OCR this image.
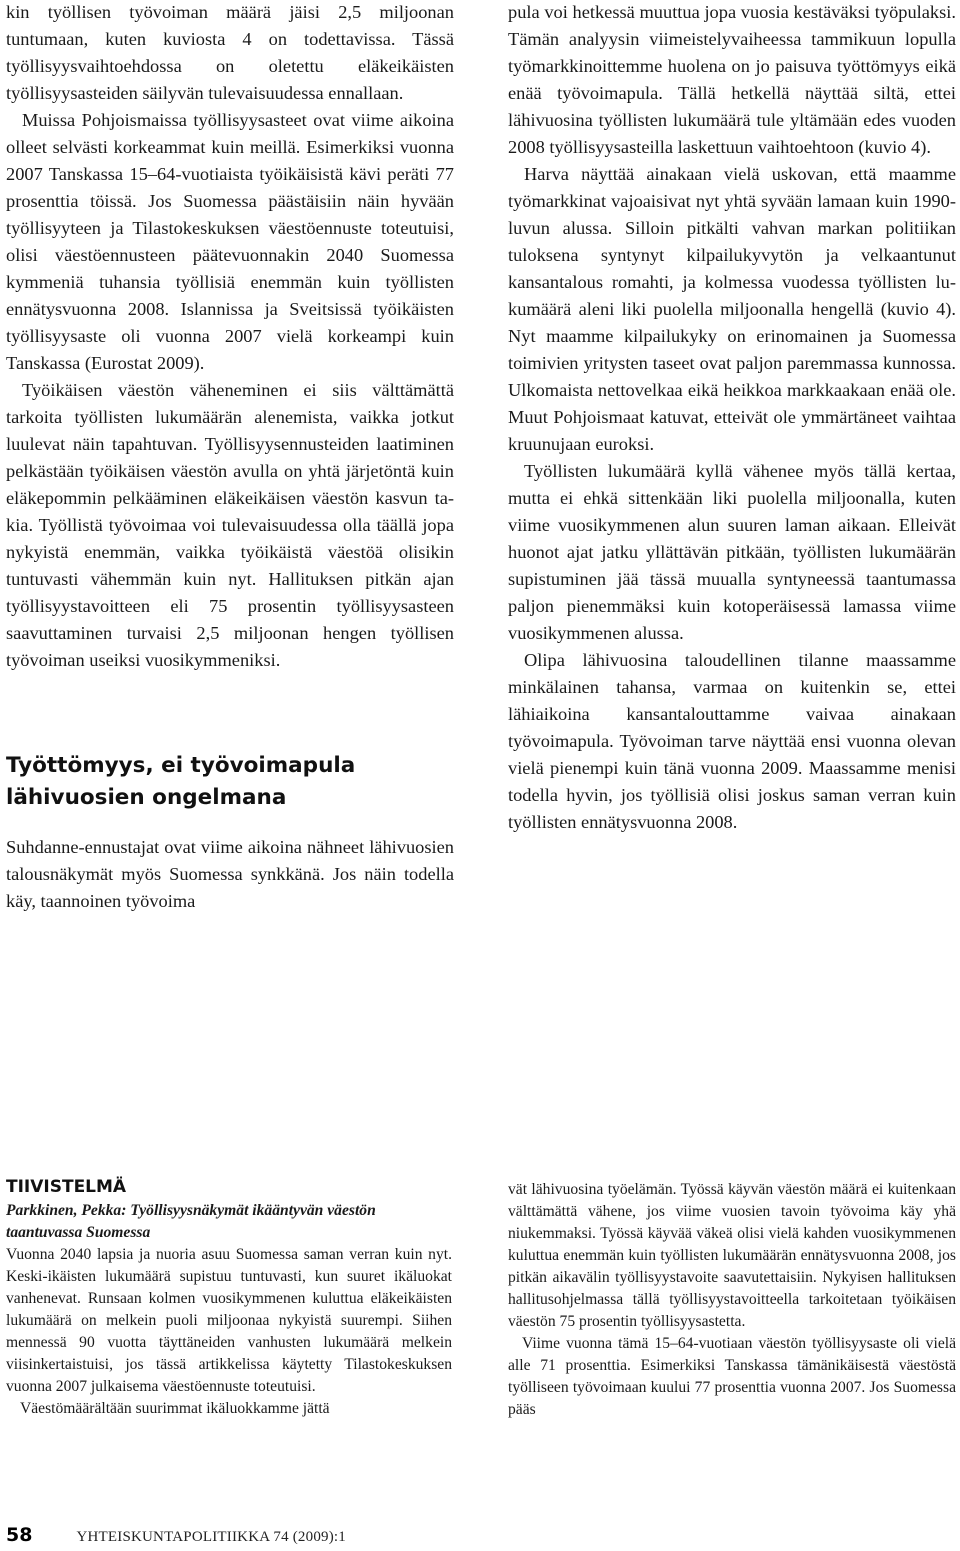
kin työllisen työvoiman määrä jäisi 2,5 miljoonan tuntumaan, kuten kuviosta 4 on todettavissa. Tässä työllisyysvaihtoehdossa on oletettu eläkeikäisten työllisyysasteiden säilyvän tulevaisuudessa ennallaan.

Muissa Pohjoismaissa työllisyysasteet ovat viime aikoina olleet selvästi korkeammat kuin meillä. Esimerkiksi vuonna 2007 Tanskassa 15–64-vuotiaista työikäisistä kävi peräti 77 prosenttia töissä. Jos Suomessa päästäisiin näin hyvään työllisyyteen ja Tilastokeskuksen väestöennuste toteutuisi, olisi väestöennusteen päätevuonnakin 2040 Suomessa kymmeniä tuhansia työllisiä enemmän kuin työllisten ennätysvuonna 2008. Islannissa ja Sveitsissä työikäisten työllisyysaste oli vuonna 2007 vielä korkeampi kuin Tanskassa (Eurostat 2009).

Työikäisen väestön väheneminen ei siis välttämättä tarkoita työllisten lukumäärän alenemista, vaikka jotkut luulevat näin tapahtuvan. Työllisyysennusteiden laatiminen pelkästään työikäisen väestön avulla on yhtä järjetöntä kuin eläkepommin pelkääminen eläkeikäisen väestön kasvun takia. Työllistä työvoimaa voi tulevaisuudessa olla täällä jopa nykyistä enemmän, vaikka työikäistä väestöä olisikin tuntuvasti vähemmän kuin nyt. Hallituksen pitkän ajan työllisyystavoitteen eli 75 prosentin työllisyysasteen saavuttaminen turvaisi 2,5 miljoonan hengen työllisen työvoiman useiksi vuosikymmeniksi.

Työttömyys, ei työvoimapula lähivuosien ongelmana

Suhdanne-ennustajat ovat viime aikoina nähneet lähivuosien talousnäkymät myös Suomessa synkkänä. Jos näin todella käy, taannoinen työvoima

pula voi hetkessä muuttua jopa vuosia kestäväksi työpulaksi. Tämän analyysin viimeistelyvaiheessa tammikuun lopulla työmarkkinoittemme huolena on jo paisuva työttömyys eikä enää työvoimapula. Tällä hetkellä näyttää siltä, ettei lähivuosina työllisten lukumäärä tule yltämään edes vuoden 2008 työllisyysasteilla laskettuun vaihtoehtoon (kuvio 4).

Harva näyttää ainakaan vielä uskovan, että maamme työmarkkinat vajoaisivat nyt yhtä syvään lamaan kuin 1990-luvun alussa. Silloin pitkälti vahvan markan politiikan tuloksena syntynyt kilpailukyvytön ja velkaantunut kansantalous romahti, ja kolmessa vuodessa työllisten lukumäärä aleni liki puolella miljoonalla hengellä (kuvio 4). Nyt maamme kilpailukyky on erinomainen ja Suomessa toimivien yritysten taseet ovat paljon paremmassa kunnossa. Ulkomaista nettovelkaa eikä heikkoa markkaakaan enää ole. Muut Pohjoismaat katuvat, etteivät ole ymmärtäneet vaihtaa kruunujaan euroksi.

Työllisten lukumäärä kyllä vähenee myös tällä kertaa, mutta ei ehkä sittenkään liki puolella miljoonalla, kuten viime vuosikymmenen alun suuren laman aikaan. Elleivät huonot ajat jatku yllättävän pitkään, työllisten lukumäärän supistuminen jää tässä muualla syntyneessä taantumassa paljon pienemmäksi kuin kotoperäisessä lamassa viime vuosikymmenen alussa.

Olipa lähivuosina taloudellinen tilanne maassamme minkälainen tahansa, varmaa on kuitenkin se, ettei lähiaikoina kansantalouttamme vaivaa ainakaan työvoimapula. Työvoiman tarve näyttää ensi vuonna olevan vielä pienempi kuin tänä vuonna 2009. Maassamme menisi todella hyvin, jos työllisiä olisi joskus saman verran kuin työllisten ennätysvuonna 2008.

TIIVISTELMÄ
Parkkinen, Pekka: Työllisyysnäkymät ikääntyvän väestön taantuvassa Suomessa

Vuonna 2040 lapsia ja nuoria asuu Suomessa saman verran kuin nyt. Keski-ikäisten lukumäärä supistuu tuntuvasti, kun suuret ikäluokat vanhenevat. Runsaan kolmen vuosikymmenen kuluttua eläkeikäisten lukumäärä on melkein puoli miljoonaa nykyistä suurempi. Siihen mennessä 90 vuotta täyttäneiden vanhusten lukumäärä melkein viisinkertaistuisi, jos tässä artikkelissa käytetty Tilastokeskuksen vuonna 2007 julkaisema väestöennuste toteutuisi.

Väestömäärältään suurimmat ikäluokkamme jättä

vät lähivuosina työelämän. Työssä käyvän väestön määrä ei kuitenkaan välttämättä vähene, jos viime vuosien tavoin työvoima käy yhä niukemmaksi. Työssä käyvää väkeä olisi vielä kahden vuosikymmenen kuluttua enemmän kuin työllisten lukumäärän ennätysvuonna 2008, jos pitkän aikavälin työllisyystavoite saavutettaisiin. Nykyisen hallituksen hallitusohjelmassa tällä työllisyystavoitteella tarkoitetaan työikäisen väestön 75 prosentin työllisyysastetta.

Viime vuonna tämä 15–64-vuotiaan väestön työllisyysaste oli vielä alle 71 prosenttia. Esimerkiksi Tanskassa tämänikäisestä väestöstä työlliseen työvoimaan kuului 77 prosenttia vuonna 2007. Jos Suomessa pääs

58	YHTEISKUNTAPOLITIIKKA 74 (2009):1
